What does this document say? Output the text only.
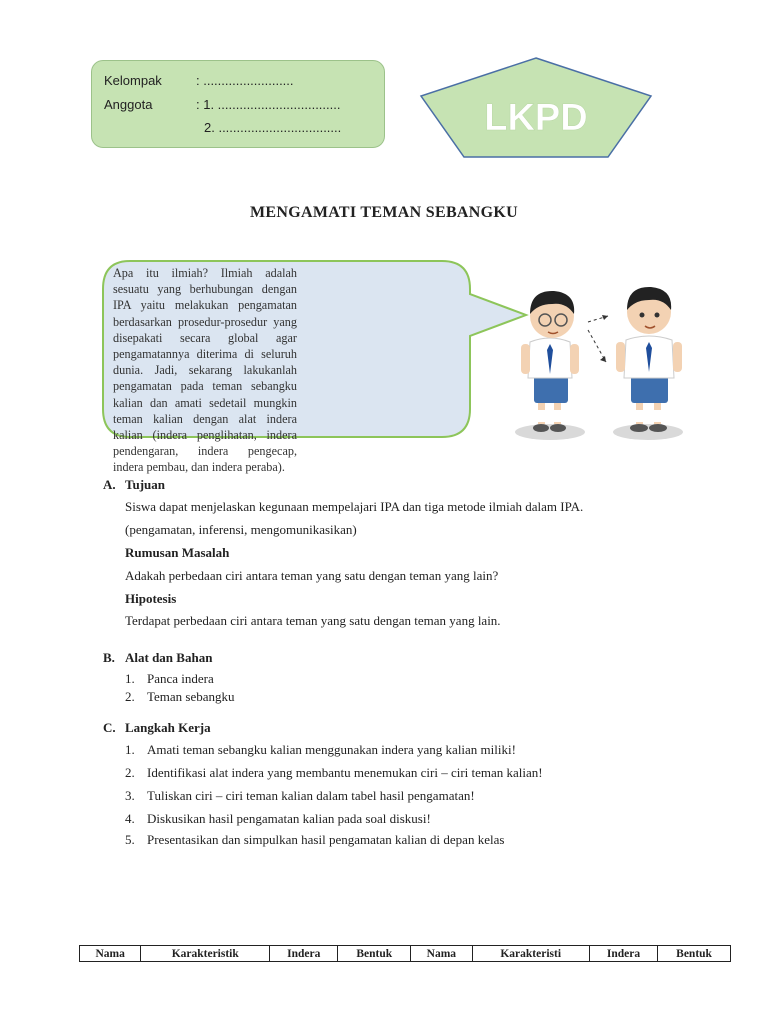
Kelompak	: .........................
Anggota	: 1. ..................................
2. ..................................	LKPD
MENGAMATI TEMAN SEBANGKU
Apa itu ilmiah? Ilmiah adalah sesuatu yang berhubungan dengan IPA yaitu melakukan pengamatan berdasarkan prosedur-prosedur yang disepakati secara global agar pengamatannya diterima di seluruh dunia. Jadi, sekarang lakukanlah pengamatan pada teman sebangku kalian dan amati sedetail mungkin teman kalian dengan alat indera kalian (indera penglihatan, indera pendengaran, indera pengecap, indera pembau, dan indera peraba).
A. Tujuan
Siswa dapat menjelaskan kegunaan mempelajari IPA dan tiga metode ilmiah dalam IPA.
(pengamatan, inferensi, mengomunikasikan)
Rumusan Masalah
Adakah perbedaan ciri antara teman yang satu dengan teman yang lain?
Hipotesis
Terdapat perbedaan ciri antara teman yang satu dengan teman yang lain.
B. Alat dan Bahan
1. Panca indera
2. Teman sebangku
C. Langkah Kerja
1. Amati teman sebangku kalian menggunakan indera yang kalian miliki!
2. Identifikasi alat indera yang membantu menemukan ciri – ciri teman kalian!
3. Tuliskan ciri – ciri teman kalian dalam tabel hasil pengamatan!
4. Diskusikan hasil pengamatan kalian pada soal diskusi!
5. Presentasikan dan simpulkan hasil pengamatan kalian di depan kelas
Nama	Karakteristik	Indera	Bentuk	Nama	Karakteristi	Indera	Bentuk
